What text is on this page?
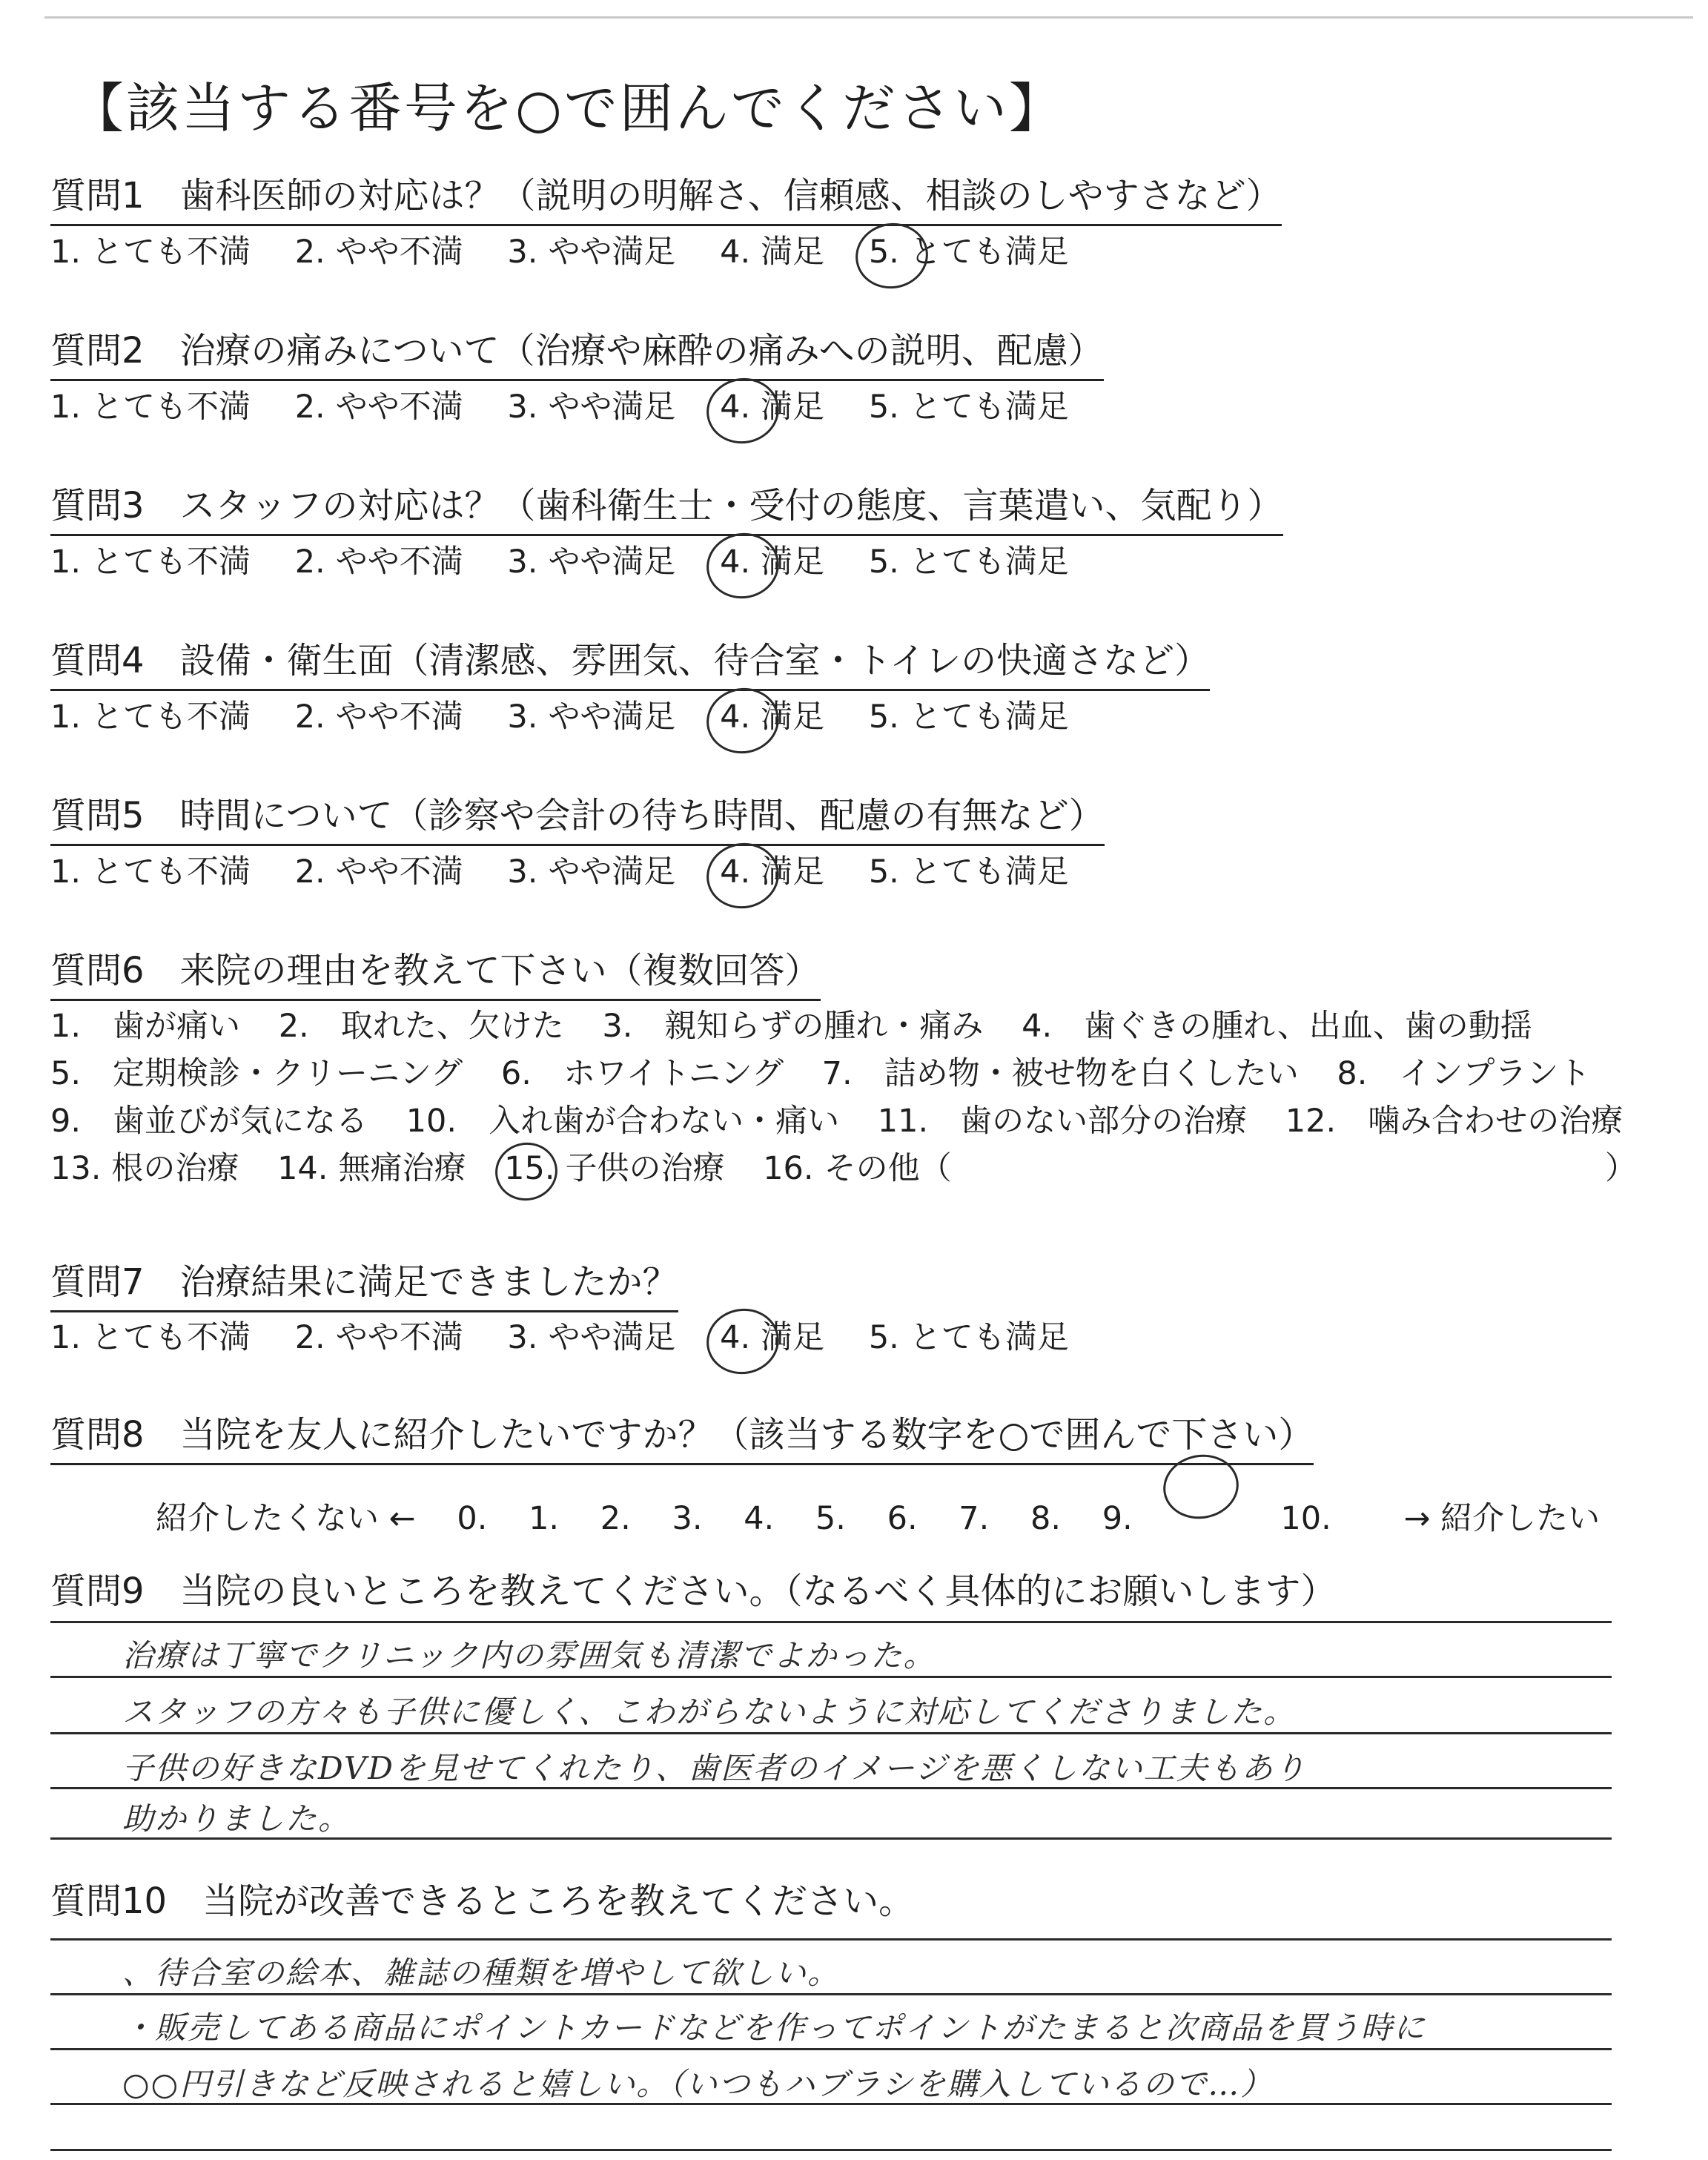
【該当する番号を○で囲んでください】
質問1　歯科医師の対応は？（説明の明解さ、信頼感、相談のしやすさなど）
1. とても不満 2. やや不満 3. やや満足 4. 満足 5. とても満足
質問2　治療の痛みについて（治療や麻酔の痛みへの説明、配慮）
1. とても不満 2. やや不満 3. やや満足 4. 満足 5. とても満足
質問3　スタッフの対応は？（歯科衛生士・受付の態度、言葉遣い、気配り）
1. とても不満 2. やや不満 3. やや満足 4. 満足 5. とても満足
質問4　設備・衛生面（清潔感、雰囲気、待合室・トイレの快適さなど）
1. とても不満 2. やや不満 3. やや満足 4. 満足 5. とても満足
質問5　時間について（診察や会計の待ち時間、配慮の有無など）
1. とても不満 2. やや不満 3. やや満足 4. 満足 5. とても満足
質問6　来院の理由を教えて下さい（複数回答）
1.　歯が痛い 2.　取れた、欠けた 3.　親知らずの腫れ・痛み 4.　歯ぐきの腫れ、出血、歯の動揺
5.　定期検診・クリーニング 6.　ホワイトニング 7.　詰め物・被せ物を白くしたい 8.　インプラント
9.　歯並びが気になる 10.　入れ歯が合わない・痛い 11.　歯のない部分の治療 12.　噛み合わせの治療
13. 根の治療 14. 無痛治療 15. 子供の治療 16. その他（	）
質問7　治療結果に満足できましたか？
1. とても不満 2. やや不満 3. やや満足 4. 満足 5. とても満足
質問8　当院を友人に紹介したいですか？（該当する数字を○で囲んで下さい）
紹介したくない ← 0. 1. 2. 3. 4. 5. 6. 7. 8. 9.	10. → 紹介したい
質問9　当院の良いところを教えてください。（なるべく具体的にお願いします）
治療は丁寧でクリニック内の雰囲気も清潔でよかった。
スタッフの方々も子供に優しく、こわがらないように対応してくださりました。
子供の好きなDVDを見せてくれたり、歯医者のイメージを悪くしない工夫もあり
助かりました。
質問10　当院が改善できるところを教えてください。
、待合室の絵本、雑誌の種類を増やして欲しい。
・販売してある商品にポイントカードなどを作ってポイントがたまると次商品を買う時に
○○円引きなど反映されると嬉しい。（いつもハブラシを購入しているので…）
